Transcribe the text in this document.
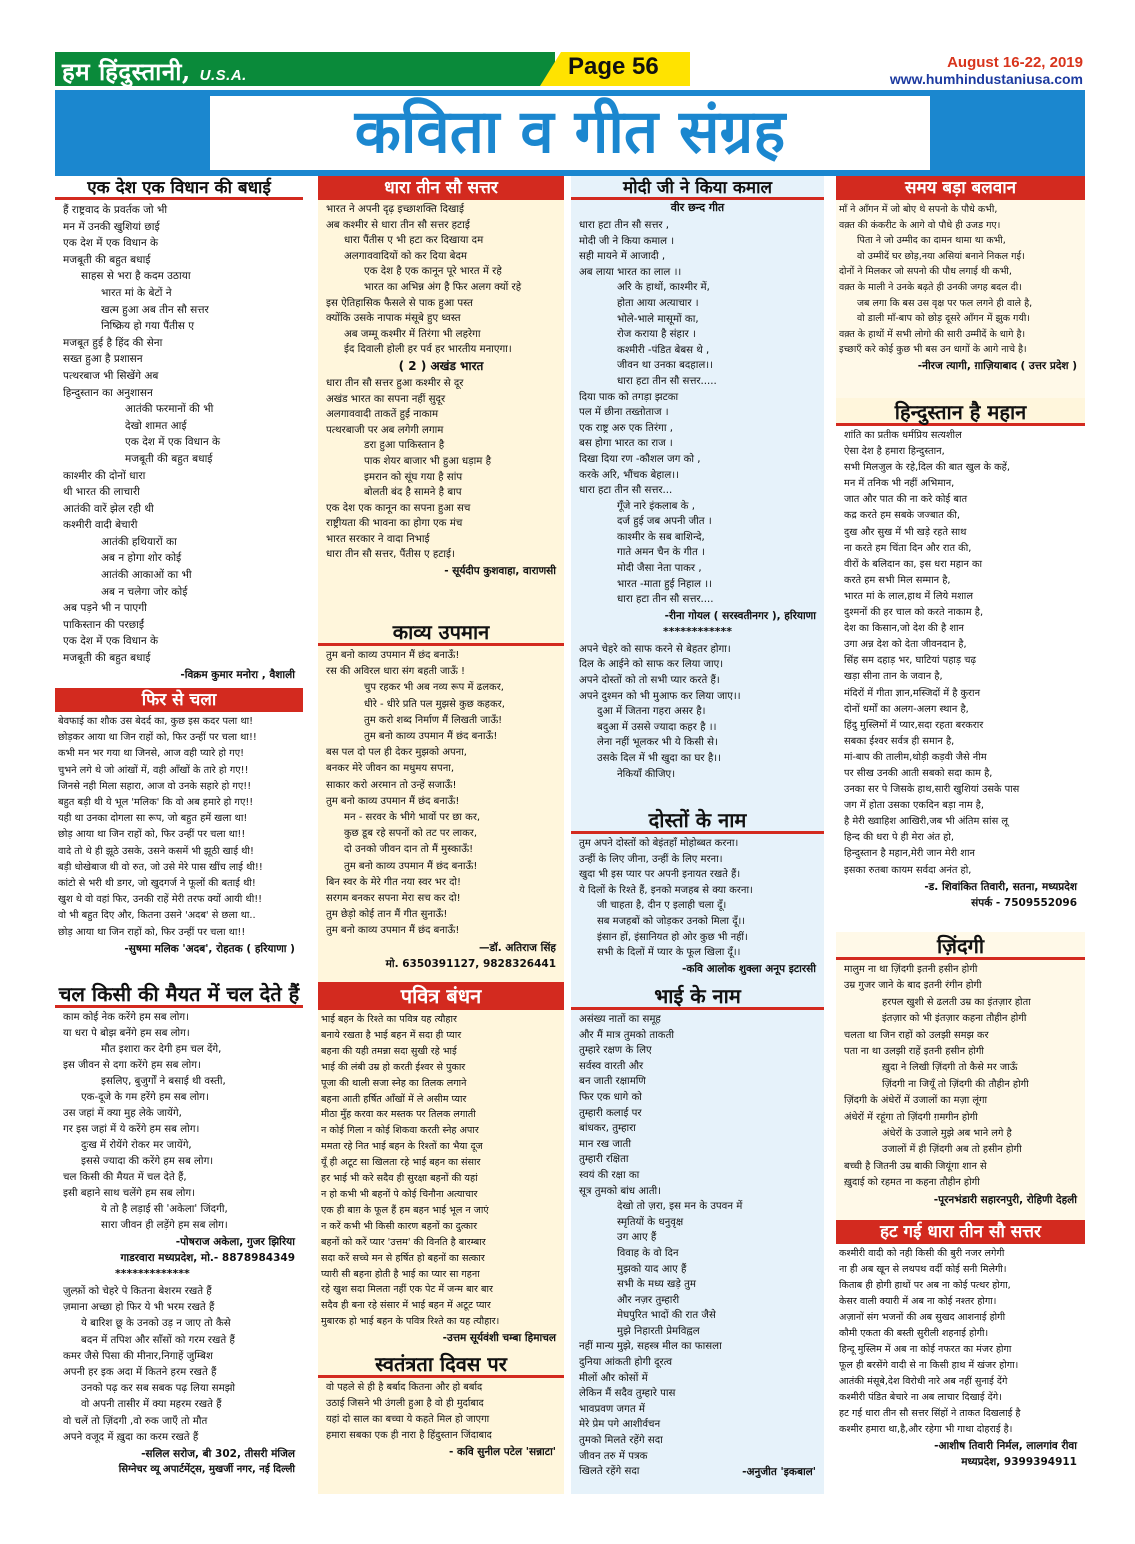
हम हिंदुस्तानी, U.S.A.	Page 56	August 16-22, 2019
www.humhindustaniusa.com
कविता व गीत संग्रह
एक देश एक विधान की बधाई

हैं राष्ट्रवाद के प्रवर्तक जो भी

मन में उनकी खुशियां छाई

एक देश में एक विधान के

मजबूती की बहुत बधाई

साहस से भरा है कदम उठाया

भारत मां के बेटों ने

खत्म हुआ अब तीन सौ सत्तर

निष्क्रिय हो गया पैंतीस ए

मजबूत हुई है हिंद की सेना

सख्त हुआ है प्रशासन

पत्थरबाज भी सिखेंगे अब

हिन्दुस्तान का अनुशासन

आतंकी फरमानों की भी

देखो शामत आई

एक देश में एक विधान के

मजबूती की बहुत बधाई

काश्मीर की दोनों धारा

थी भारत की लाचारी

आतंकी वारें झेल रही थी

कश्मीरी वादी बेचारी

आतंकी हथियारों का

अब न होगा शोर कोई

आतंकी आकाओं का भी

अब न चलेगा जोर कोई

अब पड़ने भी न पाएगी

पाकिस्तान की परछाईं

एक देश में एक विधान के

मजबूती की बहुत बधाई

-विक्रम कुमार मनोरा , वैशाली
फिर से चला

बेवफाई का शौक उस बेदर्द का, कुछ इस कदर पला था!

छोड़कर आया था जिन राहों को, फिर उन्हीं पर चला था!!

कभी मन भर गया था जिनसे, आज वही प्यारे हो गए!

चुभने लगे थे जो आंखों में, वही आँखों के तारे हो गए!!

जिनसे नही मिला सहारा, आज वो उनके सहारे हो गए!!

बहुत बड़ी थी ये भूल 'मलिक' कि वो अब हमारे हो गए!!

यही था उनका दोगला सा रूप, जो बहुत हमें खला था!

छोड़ आया था जिन राहों को, फिर उन्हीं पर चला था!!

वादे तो थे ही झूठे उसके, उसने कसमें भी झूठी खाई थी!

बड़ी धोखेबाज थी वो रुत, जो उसे मेरे पास खींच लाई थी!!

कांटो से भरी थी डगर, जो खुदगर्ज ने फूलों की बताई थी!

खुश थे वो वहां फिर, उनकी राहें मेरी तरफ क्यों आयी थी!!

वो भी बहुत दिए और, कितना उसने 'अदब' से छला था..

छोड़ आया था जिन राहों को, फिर उन्हीं पर चला था!!

-सुषमा मलिक 'अदब', रोहतक ( हरियाणा )
चल किसी की मैयत में चल देते हैं

काम कोई नेक करेंगे हम सब लोग।

या धरा पे बोझ बनेंगे हम सब लोग।

मौत इशारा कर देगी हम चल देंगे,

इस जीवन से दगा करेंगे हम सब लोग।

इसलिए, बुजुर्गों ने बसाई थी वस्ती,

एक-दूजे के गम हरेंगे हम सब लोग।

उस जहां में क्या मुह लेके जायेंगे,

गर इस जहां में ये करेंगे हम सब लोग।

दुःख में रोयेंगे रोकर मर जायेंगे,

इससे ज्यादा की करेंगे हम सब लोग।

चल किसी की मैयत में चल देते हैं,

इसी बहाने साथ चलेंगे हम सब लोग।

ये तो है लड़ाई सी 'अकेला' जिंदगी,

सारा जीवन ही लड़ेंगे हम सब लोग।

-पोषराज अकेला, गुजर झिरिया
गाडरवारा मध्यप्रदेश, मो.- 8878984349
*************

ज़ुल्फ़ों को चेहरे पे कितना बेशरम रखते हैं

ज़माना अच्छा हो फिर ये भी भरम रखते हैं

ये बारिश छू के उनको उड़ न जाए तो कैसे

बदन में तपिश और साँसों को गरम रखते हैं

कमर जैसे पिसा की मीनार,निगाहें जुम्बिश

अपनी हर इक अदा में कितने हरम रखते हैं

उनको पढ़ कर सब सबक पढ़ लिया समझो

वो अपनी तासीर में क्या महरम रखते हैं

वो चलें तो ज़िंदगी ,वो रुक जाएँ तो मौत

अपने वजूद में ख़ुदा का करम रखते हैं

-सलिल सरोज, बी 302, तीसरी मंजिल
सिग्नेचर व्यू अपार्टमेंट्स, मुखर्जी नगर, नई दिल्ली
धारा तीन सौ सत्तर

भारत ने अपनी दृढ़ इच्छाशक्ति दिखाई

अब कश्मीर से धारा तीन सौ सत्तर हटाई

धारा पैंतीस ए भी हटा कर दिखाया दम

अलगाववादियों को कर दिया बेदम

एक देश है एक कानून पूरे भारत में रहे

भारत का अभिन्न अंग है फिर अलग क्यों रहे

इस ऐतिहासिक फैसले से पाक हुआ पस्त

क्योंकि उसके नापाक मंसूबे हुए ध्वस्त

अब जम्मू कश्मीर में तिरंगा भी लहरेगा

ईद दिवाली होली हर पर्व हर भारतीय मनाएगा।

( 2 ) अखंड भारत

धारा तीन सौ सत्तर हुआ कश्मीर से दूर

अखंड भारत का सपना नहीं सुदूर

अलगाववादी ताकतें हुई नाकाम

पत्थरबाजी पर अब लगेगी लगाम

डरा हुआ पाकिस्तान है

पाक शेयर बाजार भी हुआ धड़ाम है

इमरान को सूंघ गया है सांप

बोलती बंद है सामने है बाप

एक देश एक कानून का सपना हुआ सच

राष्ट्रीयता की भावना का होगा एक मंच

भारत सरकार ने वादा निभाई

धारा तीन सौ सत्तर, पैंतीस ए हटाई।

- सूर्यदीप कुशवाहा, वाराणसी
काव्य उपमान

तुम बनो काव्य उपमान मैं छंद बनाऊँ!

रस की अविरल धारा संग बहती जाऊँ !

चुप रहकर भी अब नव्य रूप में ढलकर,

धीरे - धीरे प्रति पल मुझसे कुछ कहकर,

तुम करो शब्द निर्माण मैं लिखती जाऊँ!

तुम बनो काव्य उपमान मैं छंद बनाऊँ!

बस पल दो पल ही देकर मुझको अपना,

बनकर मेरे जीवन का मधुमय सपना,

साकार करो अरमान तो उन्हें सजाऊँ!

तुम बनो काव्य उपमान मैं छंद बनाऊँ!

मन - सरवर के भीगे भावों पर छा कर,

कुछ डूब रहे सपनों को तट पर लाकर,

दो उनको जीवन दान तो मैं मुस्काऊँ!

तुम बनो काव्य उपमान मैं छंद बनाऊँ!

बिन स्वर के मेरे गीत नया स्वर भर दो!

सरगम बनकर सपना मेरा सच कर दो!

तुम छेड़ो कोई तान मैं गीत सुनाऊँ!

तुम बनो काव्य उपमान मैं छंद बनाऊँ!

—डॉ. अतिराज सिंह
मो. 6350391127, 9828326441
पवित्र बंधन

भाई बहन के रिश्ते का पवित्र यह त्यौहार

बनाये रखता है भाई बहन में सदा ही प्यार

बहना की यही तमन्ना सदा सुखी रहे भाई

भाई की लंबी उम्र हो करती ईश्वर से पुकार

पूजा की थाली सजा स्नेह का तिलक लगाने

बहना आती हर्षित आँखों में ले असीम प्यार

मीठा मुँह करवा कर मस्तक पर तिलक लगाती

न कोई गिला न कोई शिकवा करती स्नेह अपार

ममता रहे नित भाई बहन के रिश्तों का भैया दूज

यूँ ही अटूट सा खिलता रहे भाई बहन का संसार

हर भाई भी करे सदैव ही सुरक्षा बहनों की यहां

न हो कभी भी बहनों पे कोई चिनौना अत्याचार

एक ही बाग़ के फूल हैं हम बहन भाई भूल न जाएं

न करें कभी भी किसी कारण बहनों का दुत्कार

बहनों को करें प्यार 'उत्तम' की विनति है बारम्बार

सदा करें सच्चे मन से हर्षित हो बहनों का सत्कार

प्यारी सी बहना होती है भाई का प्यार सा गहना

रहे खुश सदा मिलता नहीं एक पेट में जन्म बार बार

सदैव ही बना रहे संसार में भाई बहन में अटूट प्यार

मुबारक हो भाई बहन के पवित्र रिश्ते का यह त्यौहार।

-उत्तम सूर्यवंशी चम्बा हिमाचल
स्वतंत्रता दिवस पर

वो पहले से ही है बर्बाद कितना और हो बर्बाद

उठाई जिसने भी उंगली हुआ है वो ही मुर्दाबाद

यहां दो साल का बच्चा ये कहते मिल हो जाएगा

हमारा सबका एक ही नारा है हिंदुस्तान जिंदाबाद

- कवि सुनील पटेल 'सन्नाटा'
मोदी जी ने किया कमाल
वीर छन्द गीत

धारा हटा तीन सौ सत्तर ,

मोदी जी ने किया कमाल ।

सही मायने में आजादी ,

अब लाया भारत का लाल ।।

अरि के हाथों, काश्मीर में,

होता आया अत्याचार ।

भोले-भाले मासूमों का,

रोज कराया है संहार ।

कश्मीरी -पंडित बेबस थे ,

जीवन था उनका बदहाल।।

धारा हटा तीन सौ सत्तर.....

दिया पाक को तगड़ा झटका

पल में छीना तख्तोताज ।

एक राष्ट्र अरु एक तिरंगा ,

बस होगा भारत का राज ।

दिखा दिया रण -कौशल जग को ,

करके अरि, भौंचक बेहाल।।

धारा हटा तीन सौ सत्तर...

गूँजे नारे इंकलाब के ,

दर्ज हुई जब अपनी जीत ।

काश्मीर के सब बाशिन्दे,

गाते अमन चैन के गीत ।

मोदी जैसा नेता पाकर ,

भारत -माता हुई निहाल ।।

धारा हटा तीन सौ सत्तर....

-रीना गोयल ( सरस्वतीनगर ), हरियाणा
************

अपने चेहरे को साफ करने से बेहतर होगा।

दिल के आईने को साफ कर लिया जाए।

अपने दोस्तों को तो सभी प्यार करते हैं।

अपने दुश्मन को भी मुआफ कर लिया जाए।।

दुआ में जितना गहरा असर है।

बदुआ में उससे ज्यादा कहर है ।।

लेना नहीं भूलकर भी ये किसी से।

उसके दिल में भी खुदा का घर है।।

नेकियाँ कीजिए।

दोस्तों के नाम

तुम अपने दोस्तों को बेइंतहाँ मोहोब्बत करना।

उन्हीं के लिए जीना, उन्हीं के लिए मरना।

खुदा भी इस प्यार पर अपनी इनायत रखते हैं।

ये दिलों के रिश्ते हैं, इनको मजहब से क्या करना।

जी चाहता है, दीन ए इलाही चला दूँ।

सब मजहबों को जोड़कर उनको मिला दूँ।।

इंसान हों, इंसानियत हो ओर कुछ भी नहीं।

सभी के दिलों में प्यार के फूल खिला दूँ।।

-कवि आलोक शुक्ला अनूप इटारसी
भाई के नाम

असंख्य नातों का समूह

और मैं मात्र तुमको ताकती

तुम्हारे रक्षण के लिए

सर्वस्व वारती और

बन जाती रक्षामणि

फिर एक धागे को

तुम्हारी कलाई पर

बांधकर, तुम्हारा

मान रख जाती

तुम्हारी रक्षिता

स्वयं की रक्षा का

सूत्र तुमको बांध आती।

देखो तो ज़रा, इस मन के उपवन में

स्मृतियों के धनुवृक्ष

उग आए हैं

विवाह के वो दिन

मुझको याद आए हैं

सभी के मध्य खड़े तुम

और नज़र तुम्हारी

मेघपुरित भादों की रात जैसे

मुझे निहारती प्रेमविह्वल

नहीं मान्य मुझे, सहस्त्र मील का फासला

दुनिया आंकती होगी दूरत्व

मीलों और कोसों में

लेकिन मैं सदैव तुम्हारे पास

भावप्रवण जगत में

मेरे प्रेम पगे आशीर्वचन

तुमको मिलते रहेंगे सदा

जीवन तरु में पत्रक

खिलते रहेंगे सदा	-अनुजीत 'इकबाल'
समय बड़ा बलवान

माँ ने आँगन में जो बोए थे सपनो के पौधे कभी,

वक़्त की कंकरीट के आगे वो पौधे ही उजड गए।

पिता ने जो उम्मीद का दामन थामा था कभी,

वो उम्मीदें घर छोड़,नया असियां बनाने निकल गई।

दोनों ने मिलकर जो सपनो की पौध लगाई थी कभी,

वक़्त के माली ने उनके बढ़ते ही उनकी जगह बदल दी।

जब लगा कि बस उस वृक्ष पर फल लगने ही वाले है,

वो डाली माँ-बाप को छोड़ दूसरे आँगन में झुक गयी।

वक़्त के हाथों में सभी लोगो की सारी उम्मीदें के धागे है।

इच्छाएँ करे कोई कुछ भी बस उन धागों के आगे नाचे है।

-नीरज त्यागी, ग़ाज़ियाबाद ( उत्तर प्रदेश )
हिन्दुस्तान है महान

शांति का प्रतीक धर्मप्रिय सत्यशील

ऐसा देश है हमारा हिन्दुस्तान,

सभी मिलजुल के रहे,दिल की बात खुल के कहें,

मन में तनिक भी नहीं अभिमान,

जात और पात की ना करे कोई बात

कद्र करते हम सबके जज्बात की,

दुख और सुख में भी खड़े रहते साथ

ना करते हम चिंता दिन और रात की,

वीरों के बलिदान का, इस धरा महान का

करते हम सभी मिल सम्मान है,

भारत मां के लाल,हाथ में लिये मशाल

दुश्मनों की हर चाल को करते नाकाम है,

देश का किसान,जो देश की है शान

उगा अन्न देश को देता जीवनदान है,

सिंह सम दहाड़ भर, घाटियां पहाड़ चढ़

खड़ा सीना तान के जवान है,

मंदिरों में गीता ज्ञान,मस्जिदों में है कुरान

दोनों धर्मों का अलग-अलग स्थान है,

हिंदु मुस्लिमों में प्यार,सदा रहता बरकरार

सबका ईश्वर सर्वत्र ही समान है,

मां-बाप की तालीम,थोड़ी कड़वी जैसे नीम

पर सीख उनकी आती सबको सदा काम है,

उनका सर पे जिसके हाथ,सारी खुशियां उसके पास

जग में होता उसका एकदिन बड़ा नाम है,

है मेरी ख्वाहिश आखिरी,जब भी अंतिम सांस लू

हिन्द की धरा पे ही मेरा अंत हो,

हिन्दुस्तान है महान,मेरी जान मेरी शान

इसका रुतबा कायम सर्वदा अनंत हो,

-ड. शिवांकित तिवारी, सतना, मध्यप्रदेश
संपर्क - 7509552096
ज़िंदगी

मालुम ना था ज़िंदगी इतनी हसीन होगी

उम्र गुजर जाने के बाद इतनी रंगीन होगी

हरपल खुशी से ढलती उम्र का इंतज़ार होता

इंतज़ार को भी इंतज़ार कहना तौहीन होगी

चलता था जिन राहों को उलझी समझ कर

पता ना था उलझी राहें इतनी हसीन होगी

ख़ुदा ने लिखी ज़िंदगी तो कैसे मर जाऊँ

ज़िंदगी ना जियूँ तो ज़िंदगी की तौहीन होगी

ज़िंदगी के अंधेरों में उजालों का मज़ा लूंगा

अंधेरों में रहूंगा तो ज़िंदगी ग़मगीन होगी

अंधेरों के उजाले मुझे अब भाने लगे है

उजालों में ही ज़िंदगी अब तो हसीन होगी

बच्ची है जितनी उम्र बाकी जियूंगा शान से

ख़ुदाई को रहमत ना कहना तौहीन होगी

-पूरनभंडारी सहारनपुरी, रोहिणी देहली
हट गई धारा तीन सौ सत्तर

कश्मीरी वादी को नही किसी की बुरी नजर लगेगी

ना ही अब खून से लथपथ वर्दी कोई सनी मिलेगी।

किताब ही होगी हाथों पर अब ना कोई पत्थर होगा,

केसर वाली क्यारी में अब ना कोई नश्तर होगा।

अज़ानों संग भजनों की अब सुखद आशनाई होगी

कौमी एकता की बस्ती सुरीली शहनाई होगी।

हिन्दू मुस्लिम में अब ना कोई नफरत का मंजर होगा

फूल ही बरसेंगे वादी से ना किसी हाथ में खंजर होगा।

आतंकी मंसूबे,देश विरोधी नारे अब नहीं सुनाई देंगे

कश्मीरी पंडित बेचारे ना अब लाचार दिखाई देंगे।

हट गई धारा तीन सौ सत्तर सिंहों ने ताकत दिखलाई है

कश्मीर हमारा था,है,और रहेगा भी गाथा दोहराई है।

-आशीष तिवारी निर्मल, लालगांव रीवा
मध्यप्रदेश, 9399394911
